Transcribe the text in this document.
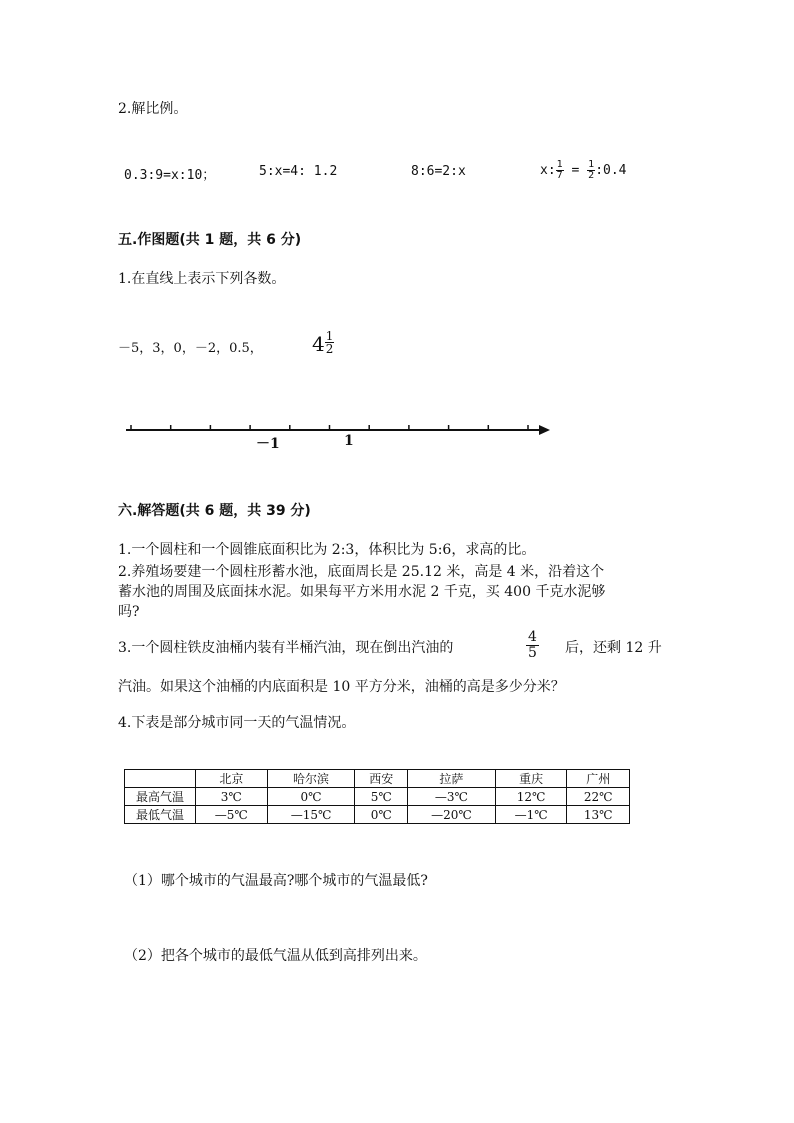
2.解比例。
0.3:9=x:10；	5:x=4: 1.2	8:6=2:x	x: $\frac{1}{7} = \frac{1}{2}$ :0.4
五.作图题(共 1 题，共 6 分)
1.在直线上表示下列各数。
－5，3，0，－2，0.5， $4 \frac{1}{2}$
－1	1
六.解答题(共 6 题，共 39 分)
1.一个圆柱和一个圆锥底面积比为 2:3，体积比为 5:6，求高的比。
2.养殖场要建一个圆柱形蓄水池，底面周长是 25.12 米，高是 4 米，沿着这个
蓄水池的周围及底面抹水泥。如果每平方米用水泥 2 千克，买 400 千克水泥够
吗?
3.一个圆柱铁皮油桶内装有半桶汽油，现在倒出汽油的	$\frac{4}{5}$ 后，还剩 12 升
汽油。如果这个油桶的内底面积是 10 平方分米，油桶的高是多少分米？
4.下表是部分城市同一天的气温情况。
	北京	哈尔滨	西安	拉萨	重庆	广州
最高气温	3℃	0℃	5℃	—3℃	12℃	22℃
最低气温	—5℃	—15℃	0℃	—20℃	—1℃	13℃
（1）哪个城市的气温最高?哪个城市的气温最低?
（2）把各个城市的最低气温从低到高排列出来。
